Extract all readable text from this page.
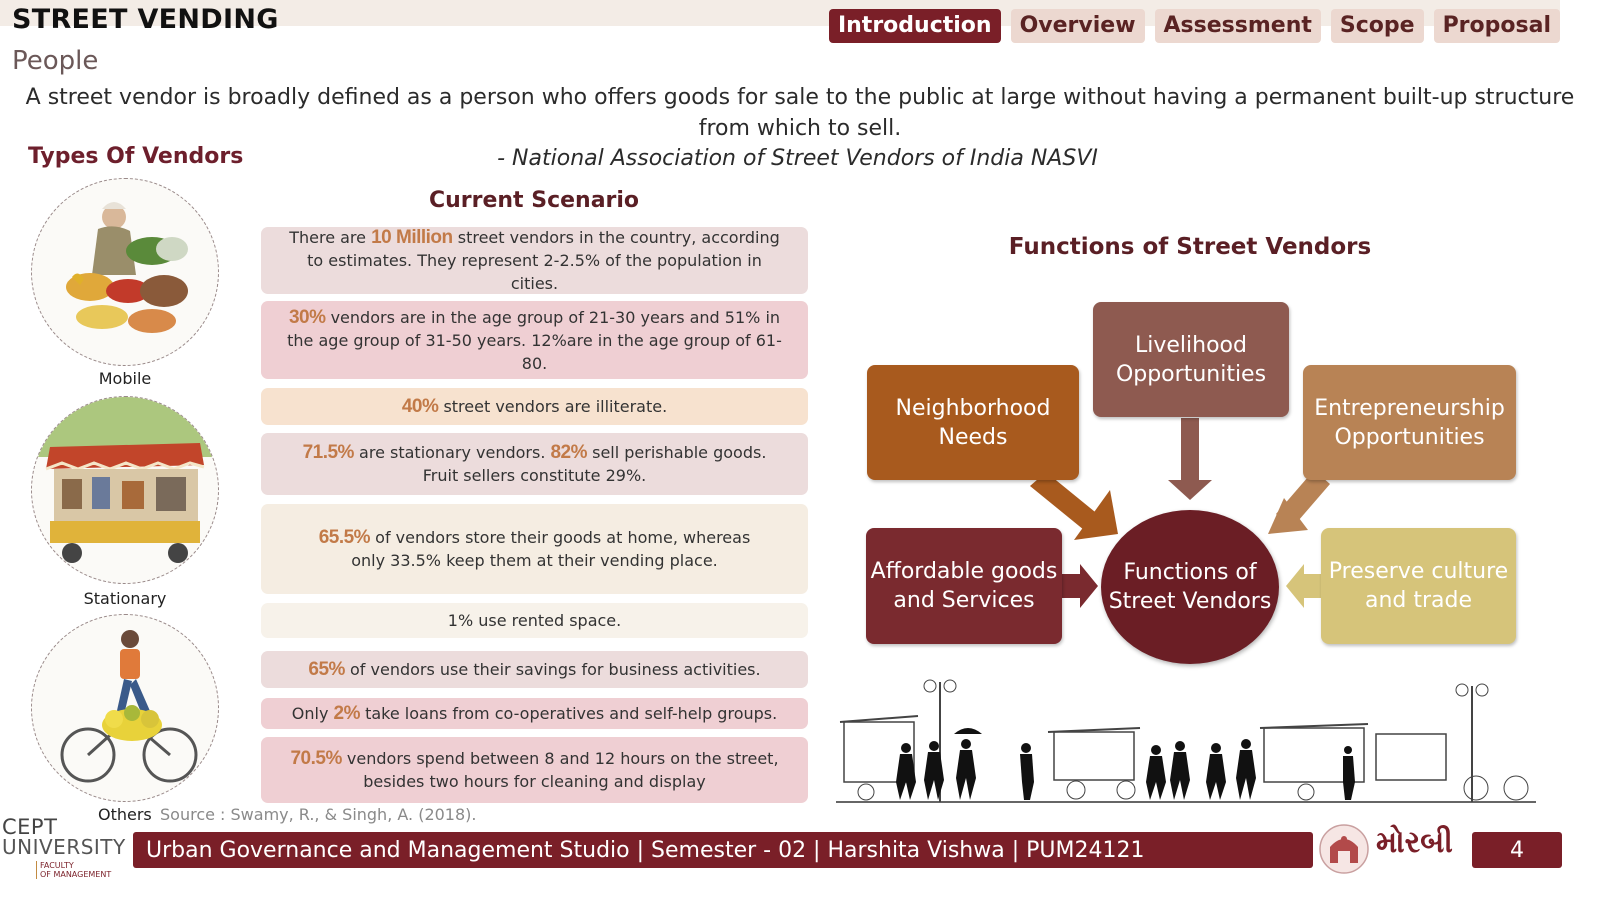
STREET VENDING
People
Introduction	Overview	Assessment	Scope	Proposal
A street vendor is broadly defined as a person who offers goods for sale to the public at large without having a permanent built-up structure from which to sell.
- National Association of Street Vendors of India NASVI
Types Of Vendors
Mobile
Stationary
Others Source : Swamy, R., & Singh, A. (2018).
Current Scenario
There are 10 Million street vendors in the country, according to estimates. They represent 2-2.5% of the population in cities.
30% vendors are in the age group of 21-30 years and 51% in the age group of 31-50 years. 12%are in the age group of 61-80.
40% street vendors are illiterate.
71.5% are stationary vendors. 82% sell perishable goods. Fruit sellers constitute 29%.
65.5% of vendors store their goods at home, whereas only 33.5% keep them at their vending place.
1% use rented space.
65% of vendors use their savings for business activities.
Only 2% take loans from co-operatives and self-help groups.
70.5% vendors spend between 8 and 12 hours on the street, besides two hours for cleaning and display
Functions of Street Vendors
Livelihood Opportunities
Neighborhood Needs
Entrepreneurship Opportunities
Affordable goods and Services
Preserve culture and trade
Functions of Street Vendors
CEPT
UNIVERSITY
FACULTY
OF MANAGEMENT
Urban Governance and Management Studio | Semester - 02 | Harshita Vishwa | PUM24121	મોરબી	4
